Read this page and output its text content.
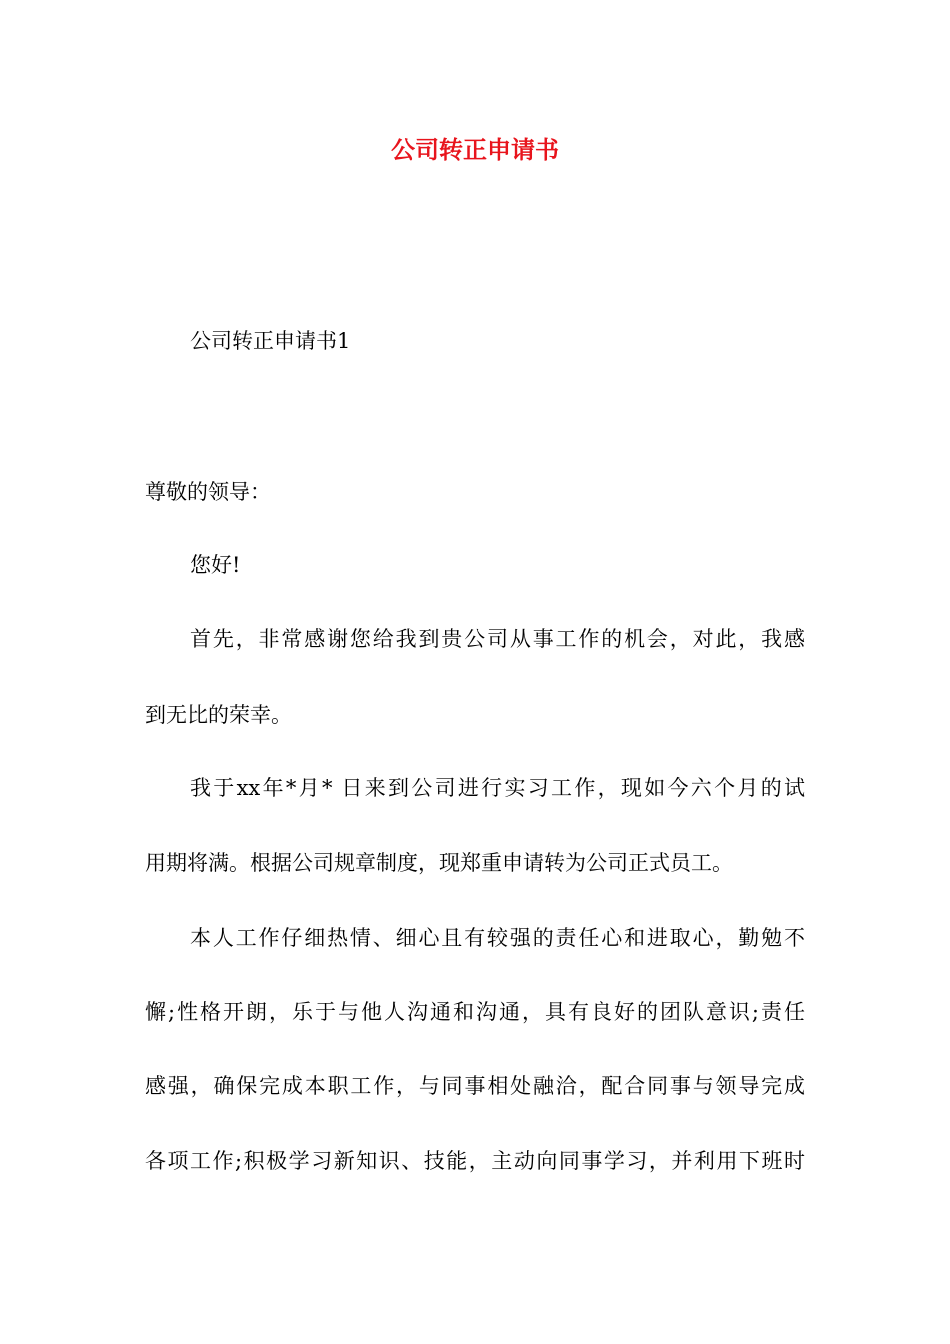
公司转正申请书
公司转正申请书1
尊敬的领导：
您好!
首先，非常感谢您给我到贵公司从事工作的机会，对此，我感
到无比的荣幸。
我于xx年*月* 日来到公司进行实习工作，现如今六个月的试
用期将满。根据公司规章制度，现郑重申请转为公司正式员工。
本人工作仔细热情、细心且有较强的责任心和进取心，勤勉不
懈;性格开朗，乐于与他人沟通和沟通，具有良好的团队意识;责任
感强，确保完成本职工作，与同事相处融洽，配合同事与领导完成
各项工作;积极学习新知识、技能，主动向同事学习，并利用下班时
